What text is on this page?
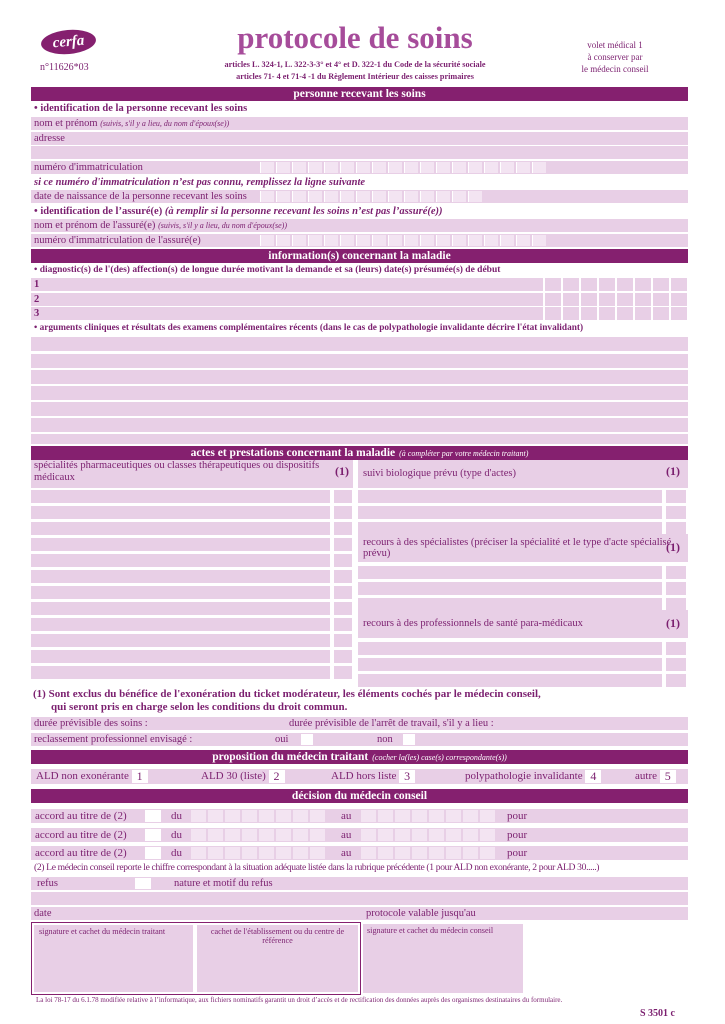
cerfa
n°11626*03
protocole de soins
articles L. 324-1, L. 322-3-3° et 4° et D. 322-1 du Code de la sécurité sociale
articles 71- 4 et 71-4 -1 du Règlement Intérieur des caisses primaires
volet médical 1
à conserver par
le médecin conseil
personne recevant les soins
• identification de la personne recevant les soins
nom et prénom (suivis, s'il y a lieu, du nom d'époux(se))
adresse
numéro d'immatriculation
si ce numéro d'immatriculation n’est pas connu, remplissez la ligne suivante
date de naissance de la personne recevant les soins
• identification de l’assuré(e) (à remplir si la personne recevant les soins n’est pas l’assuré(e))
nom et prénom de l'assuré(e) (suivis, s'il y a lieu, du nom d'époux(se))
numéro d'immatriculation de l'assuré(e)
information(s) concernant la maladie
• diagnostic(s) de l'(des) affection(s) de longue durée motivant la demande et sa (leurs) date(s) présumée(s) de début
1
2
3
• arguments cliniques et résultats des examens complémentaires récents (dans le cas de polypathologie invalidante décrire l'état invalidant)
actes et prestations concernant la maladie (à compléter par votre médecin traitant)
spécialités pharmaceutiques ou classes thérapeutiques ou dispositifs médicaux	(1)	suivi biologique prévu (type d'actes)	(1)
recours à des spécialistes (préciser la spécialité et le type d'acte spécialisé prévu)	(1)
recours à des professionnels de santé para-médicaux	(1)
(1) Sont exclus du bénéfice de l'exonération du ticket modérateur, les éléments cochés par le médecin conseil,
qui seront pris en charge selon les conditions du droit commun.
durée prévisible des soins :	durée prévisible de l'arrêt de travail, s'il y a lieu :
reclassement professionnel envisagé :	oui	non
proposition du médecin traitant (cocher la(les) case(s) correspondante(s))
ALD non exonérante 1	ALD 30 (liste) 2	ALD hors liste 3	polypathologie invalidante 4	autre 5
décision du médecin conseil
accord au titre de (2)	du	au	pour
accord au titre de (2)	du	au	pour
accord au titre de (2)	du	au	pour
(2) Le médecin conseil reporte le chiffre correspondant à la situation adéquate listée dans la rubrique précédente (1 pour ALD non exonérante, 2 pour ALD 30.....)
refus	nature et motif du refus
date	protocole valable jusqu'au
signature et cachet du médecin traitant	cachet de l'établissement ou du centre de référence
signature et cachet du médecin conseil
La loi 78-17 du 6.1.78 modifiée relative à l’informatique, aux fichiers nominatifs garantit un droit d’accès et de rectification des données auprès des organismes destinataires du formulaire.
S 3501 c
